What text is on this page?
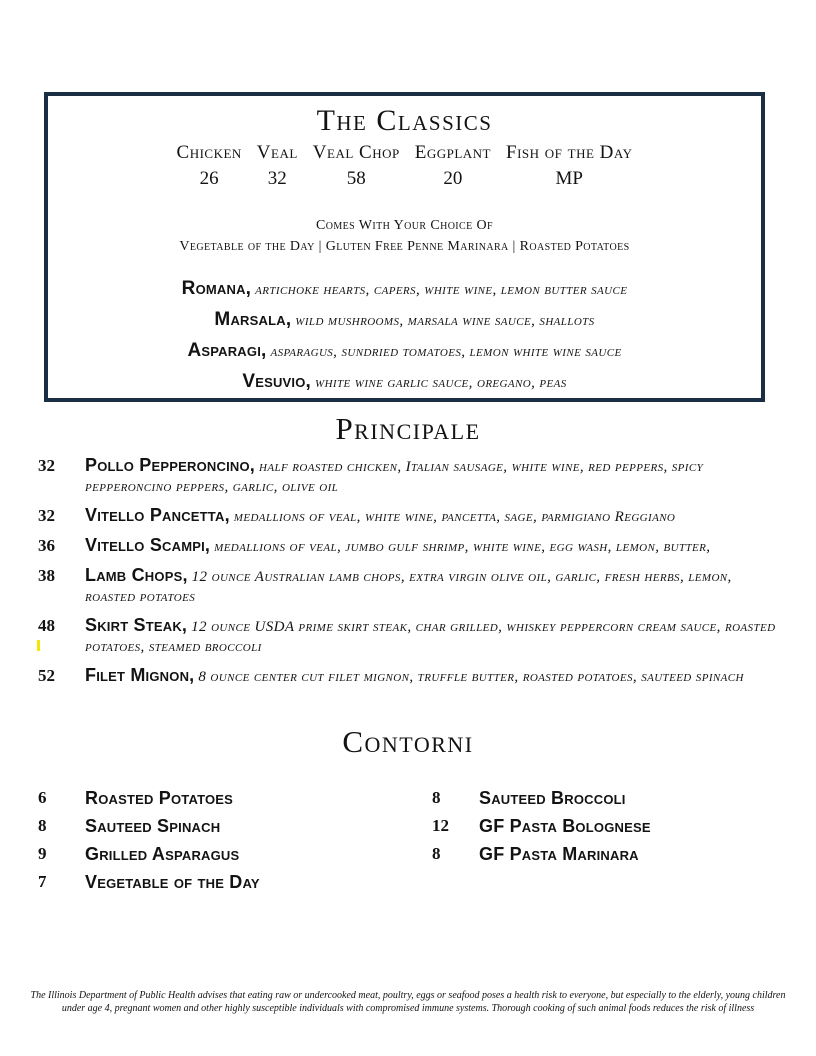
The Classics
Chicken
26
Veal
32
Veal Chop
58
Eggplant
20
Fish of the Day
MP
Comes With Your Choice Of
Vegetable of the Day | Gluten Free Penne Marinara | Roasted Potatoes
Romana, artichoke hearts, capers, white wine, lemon butter sauce
Marsala, wild mushrooms, marsala wine sauce, shallots
Asparagi, asparagus, sundried tomatoes, lemon white wine sauce
Vesuvio, white wine garlic sauce, oregano, peas
Principale
32	Pollo Pepperoncino, half roasted chicken, Italian sausage, white wine, red peppers, spicy pepperoncino peppers, garlic, olive oil
32	Vitello Pancetta, medallions of veal, white wine, pancetta, sage, parmigiano Reggiano
36	Vitello Scampi, medallions of veal, jumbo gulf shrimp, white wine, egg wash, lemon, butter,
38	Lamb Chops, 12 ounce Australian lamb chops, extra virgin olive oil, garlic, fresh herbs, lemon, roasted potatoes
48	Skirt Steak, 12 ounce USDA prime skirt steak, char grilled, whiskey peppercorn cream sauce, roasted potatoes, steamed broccoli
52	Filet Mignon, 8 ounce center cut filet mignon, truffle butter, roasted potatoes, sauteed spinach
Contorni
6	Roasted Potatoes
8	Sauteed Spinach
9	Grilled Asparagus
7	Vegetable of the Day
8	Sauteed Broccoli
12	GF Pasta Bolognese
8	GF Pasta Marinara
The Illinois Department of Public Health advises that eating raw or undercooked meat, poultry, eggs or seafood poses a health risk to everyone, but especially to the elderly, young children under age 4, pregnant women and other highly susceptible individuals with compromised immune systems. Thorough cooking of such animal foods reduces the risk of illness
